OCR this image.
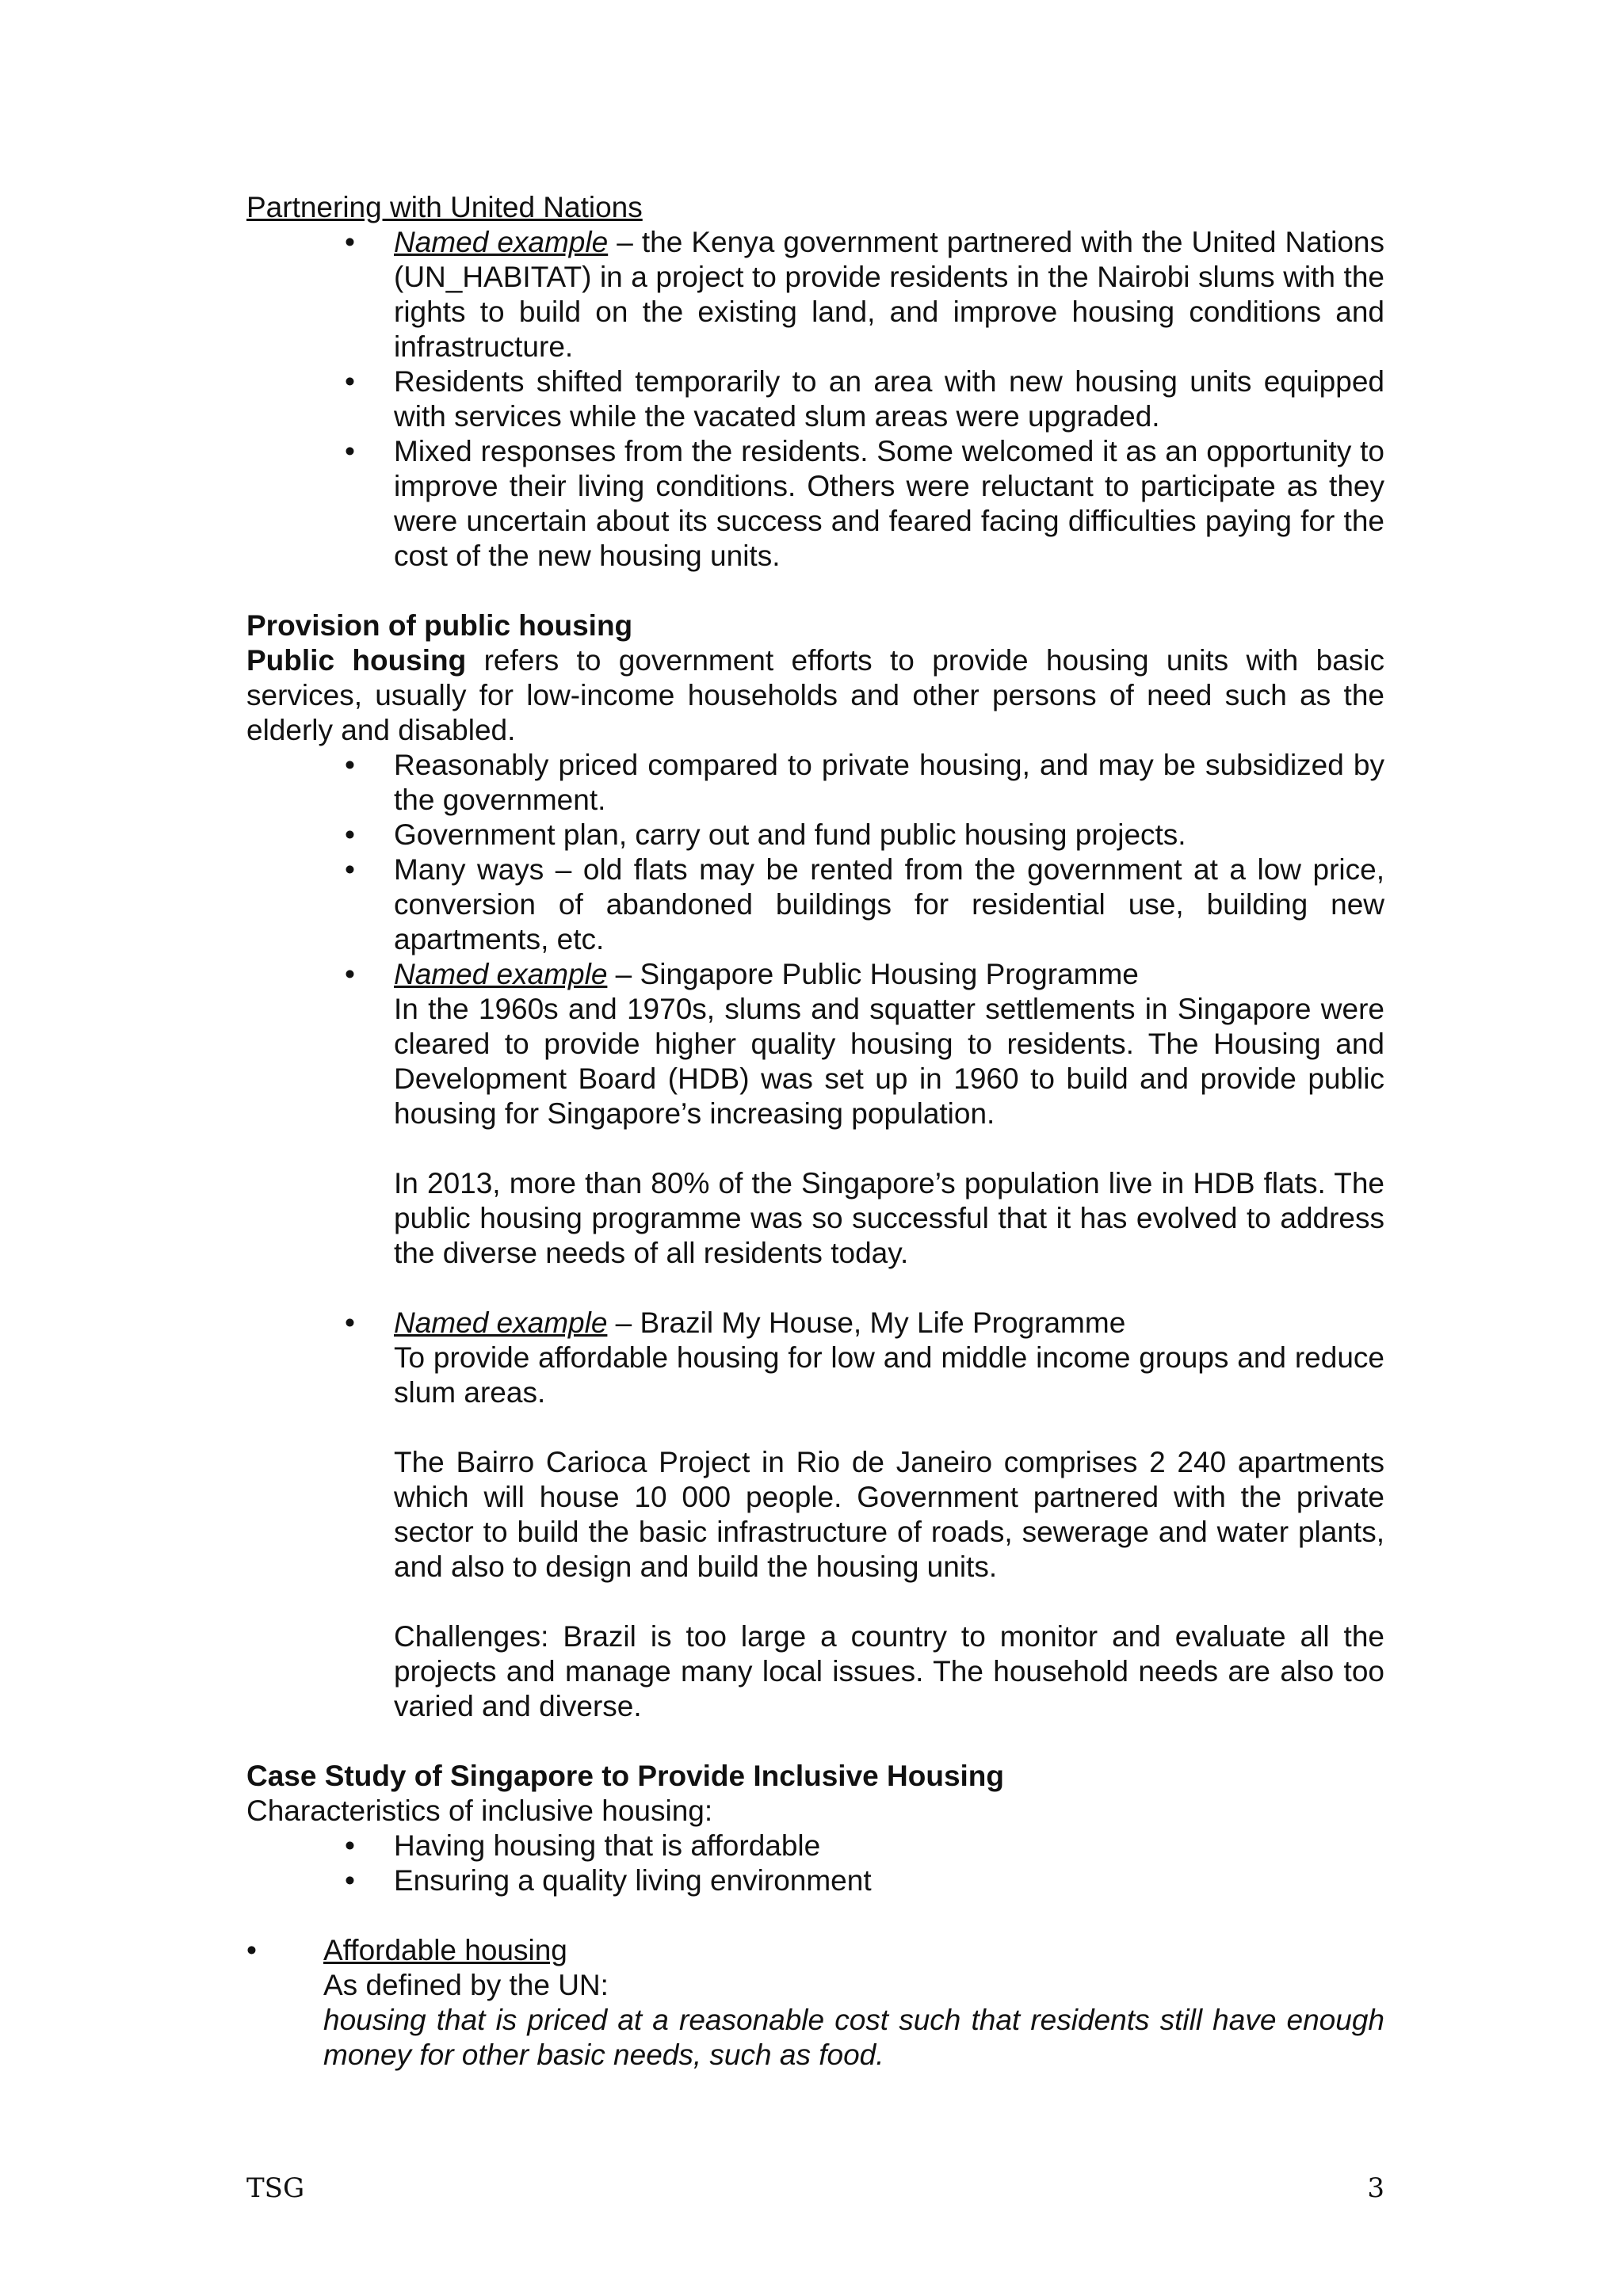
Partnering with United Nations

• Named example – the Kenya government partnered with the United Nations (UN_HABITAT) in a project to provide residents in the Nairobi slums with the rights to build on the existing land, and improve housing conditions and infrastructure.
• Residents shifted temporarily to an area with new housing units equipped with services while the vacated slum areas were upgraded.
• Mixed responses from the residents. Some welcomed it as an opportunity to improve their living conditions. Others were reluctant to participate as they were uncertain about its success and feared facing difficulties paying for the cost of the new housing units.

Provision of public housing

Public housing refers to government efforts to provide housing units with basic services, usually for low-income households and other persons of need such as the elderly and disabled.

• Reasonably priced compared to private housing, and may be subsidized by the government.
• Government plan, carry out and fund public housing projects.
• Many ways – old flats may be rented from the government at a low price, conversion of abandoned buildings for residential use, building new apartments, etc.
• Named example – Singapore Public Housing Programme

In the 1960s and 1970s, slums and squatter settlements in Singapore were cleared to provide higher quality housing to residents. The Housing and Development Board (HDB) was set up in 1960 to build and provide public housing for Singapore’s increasing population.

In 2013, more than 80% of the Singapore’s population live in HDB flats. The public housing programme was so successful that it has evolved to address the diverse needs of all residents today.

• Named example – Brazil My House, My Life Programme

To provide affordable housing for low and middle income groups and reduce slum areas.

The Bairro Carioca Project in Rio de Janeiro comprises 2 240 apartments which will house 10 000 people. Government partnered with the private sector to build the basic infrastructure of roads, sewerage and water plants, and also to design and build the housing units.

Challenges: Brazil is too large a country to monitor and evaluate all the projects and manage many local issues. The household needs are also too varied and diverse.

Case Study of Singapore to Provide Inclusive Housing

Characteristics of inclusive housing:

• Having housing that is affordable
• Ensuring a quality living environment
• Affordable housing

As defined by the UN:

housing that is priced at a reasonable cost such that residents still have enough money for other basic needs, such as food.

TSG	3
